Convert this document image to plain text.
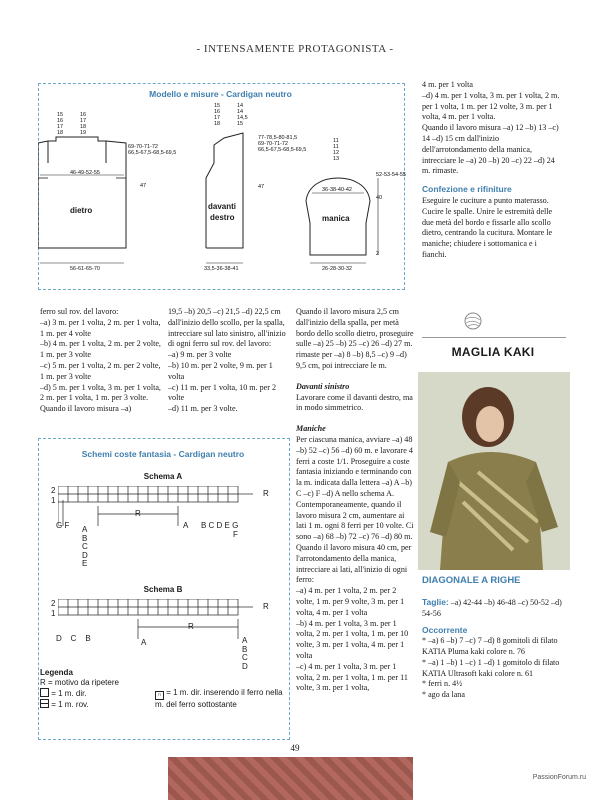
- INTENSAMENTE PROTAGONISTA -
Modello e misure - Cardigan neutro
15
16
17
18
16
17
18
19
69-70-71-72
66,5-67,5-68,5-69,5
46-49-52-55
47
dietro
56-61-65-70
15
16
17
18
14
14
14,5
15
77-78,5-80-81,5
69-70-71-72
66,5-67,5-68,5-69,5
47
davanti
destro
33,5-36-38-41
11
11
12
13
36-38-40-42
52-53-54-55
40
manica
2
26-28-30-32

ferro sul rov. del lavoro:

–a) 3 m. per 1 volta, 2 m. per 1 volta, 1 m. per 4 volte

–b) 4 m. per 1 volta, 2 m. per 2 volte, 1 m. per 3 volte

–c) 5 m. per 1 volta, 2 m. per 2 volte, 1 m. per 3 volte

–d) 5 m. per 1 volta, 3 m. per 1 volta, 2 m. per 1 volta, 1 m. per 3 volte.

Quando il lavoro misura –a)

19,5 –b) 20,5 –c) 21,5 –d) 22,5 cm dall'inizio dello scollo, per la spalla, intrecciare sul lato sinistro, all'inizio di ogni ferro sul rov. del lavoro:

–a) 9 m. per 3 volte

–b) 10 m. per 2 volte, 9 m. per 1 volta

–c) 11 m. per 1 volta, 10 m. per 2 volte

–d) 11 m. per 3 volte.

Quando il lavoro misura 2,5 cm dall'inizio della spalla, per metà bordo dello scollo dietro, proseguire sulle –a) 25 –b) 25 –c) 26 –d) 27 m. rimaste per –a) 8 –b) 8,5 –c) 9 –d) 9,5 cm, poi intrecciare le m.

Davanti sinistro

Lavorare come il davanti destro, ma in modo simmetrico.

Maniche

Per ciascuna manica, avviare –a) 48 –b) 52 –c) 56 –d) 60 m. e lavorare 4 ferri a coste 1/1. Proseguire a coste fantasia iniziando e terminando con la m. indicata dalla lettera –a) A –b) C –c) F –d) A nello schema A. Contemporaneamente, quando il lavoro misura 2 cm, aumentare ai lati 1 m. ogni 8 ferri per 10 volte. Ci sono –a) 68 –b) 72 –c) 76 –d) 80 m.

Quando il lavoro misura 40 cm, per l'arrotondamento della manica, intrecciare ai lati, all'inizio di ogni ferro:

–a) 4 m. per 1 volta, 2 m. per 2 volte, 1 m. per 9 volte, 3 m. per 1 volta, 4 m. per 1 volta

–b) 4 m. per 1 volta, 3 m. per 1 volta, 2 m. per 1 volta, 1 m. per 10 volte, 3 m. per 1 volta, 4 m. per 1 volta

–c) 4 m. per 1 volta, 3 m. per 1 volta, 2 m. per 1 volta, 1 m. per 11 volte, 3 m. per 1 volta,

4 m. per 1 volta

–d) 4 m. per 1 volta, 3 m. per 1 volta, 2 m. per 1 volta, 1 m. per 12 volte, 3 m. per 1 volta, 4 m. per 1 volta.

Quando il lavoro misura –a) 12 –b) 13 –c) 14 –d) 15 cm dall'inizio dell'arrotondamento della manica, intrecciare le –a) 20 –b) 20 –c) 22 –d) 24 m. rimaste.

Confezione e rifiniture

Eseguire le cuciture a punto materasso. Cucire le spalle. Unire le estremità delle due metà del bordo e fissarle allo scollo dietro, centrando la cucitura. Montare le maniche; chiudere i sottomanica e i fianchi.

MAGLIA KAKI

DIAGONALE A RIGHE

Taglie: –a) 42-44 –b) 46-48 –c) 50-52 –d) 54-56

Occorrente

* –a) 6 –b) 7 –c) 7 –d) 8 gomitoli di filato KATIA Pluma kaki colore n. 76

* –a) 1 –b) 1 –c) 1 –d) 1 gomitolo di filato KATIA Ultrasoft kaki colore n. 61

* ferri n. 4½

* ago da lana

Schemi coste fantasia - Cardigan neutro
Schema A
2
1
R
R
G F	A B C D E G
F
A
B
C
D
E
Schema B
2
1
R
R
D    C    B	A	A
B
C
D
Legenda
R = motivo da ripetere
= 1 m. dir.
= 1 m. rov.
∩ = 1 m. dir. inserendo il ferro nella m. del ferro sottostante
49
PassionForum.ru
